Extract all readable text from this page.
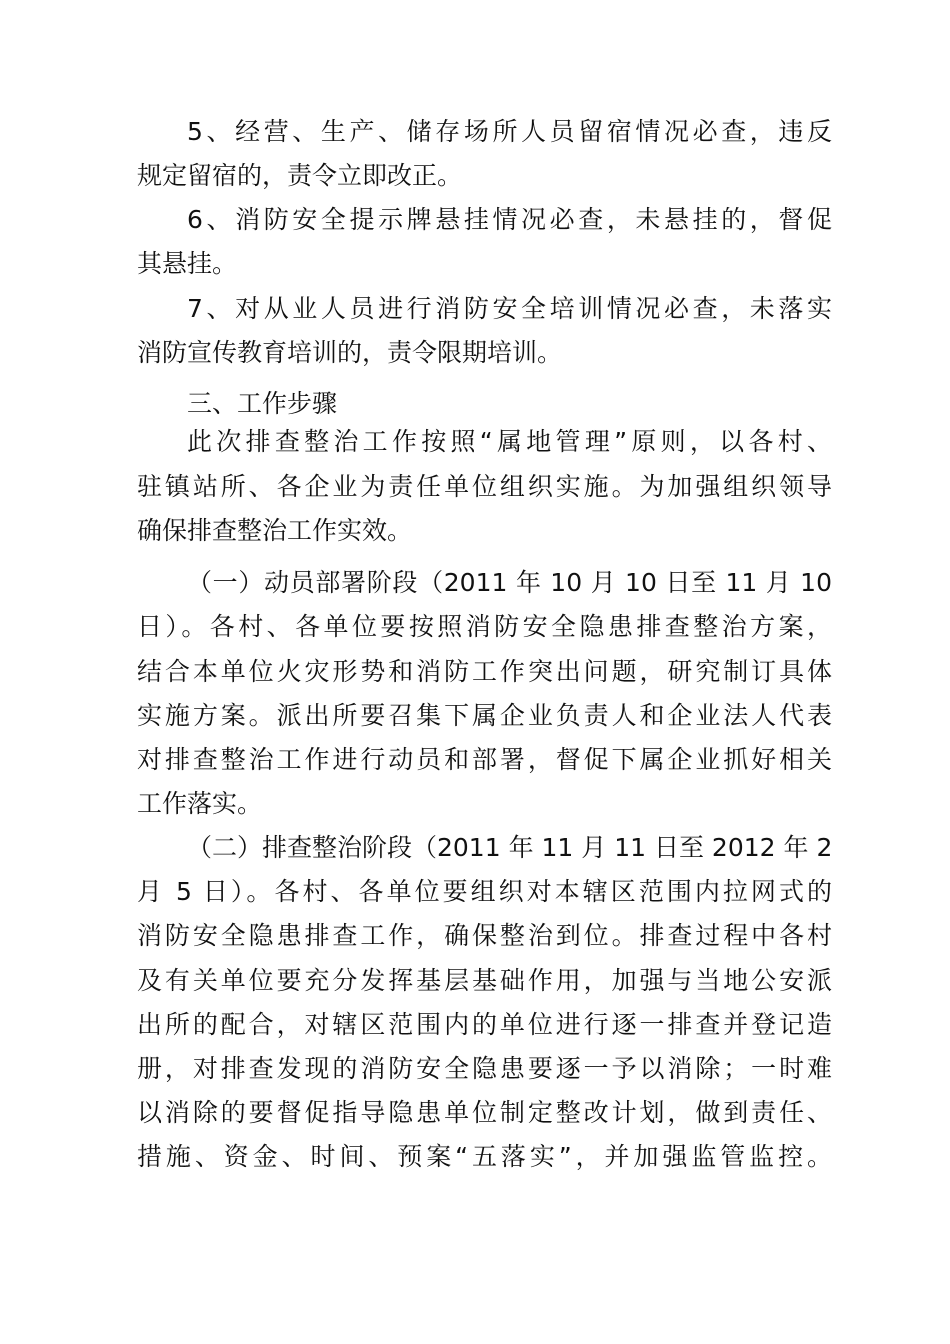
5、经营、生产、储存场所人员留宿情况必查，违反
规定留宿的，责令立即改正。
6、消防安全提示牌悬挂情况必查，未悬挂的，督促
其悬挂。
7、对从业人员进行消防安全培训情况必查，未落实
消防宣传教育培训的，责令限期培训。
三、工作步骤
此次排查整治工作按照“属地管理”原则，以各村、
驻镇站所、各企业为责任单位组织实施。为加强组织领导
确保排查整治工作实效。
（一）动员部署阶段（2011 年 10 月 10 日至 11 月 10
日）。各村、各单位要按照消防安全隐患排查整治方案，
结合本单位火灾形势和消防工作突出问题，研究制订具体
实施方案。派出所要召集下属企业负责人和企业法人代表
对排查整治工作进行动员和部署，督促下属企业抓好相关
工作落实。
（二）排查整治阶段（2011 年 11 月 11 日至 2012 年 2
月 5 日）。各村、各单位要组织对本辖区范围内拉网式的
消防安全隐患排查工作，确保整治到位。排查过程中各村
及有关单位要充分发挥基层基础作用，加强与当地公安派
出所的配合，对辖区范围内的单位进行逐一排查并登记造
册，对排查发现的消防安全隐患要逐一予以消除；一时难
以消除的要督促指导隐患单位制定整改计划，做到责任、
措施、资金、时间、预案“五落实”，并加强监管监控。
